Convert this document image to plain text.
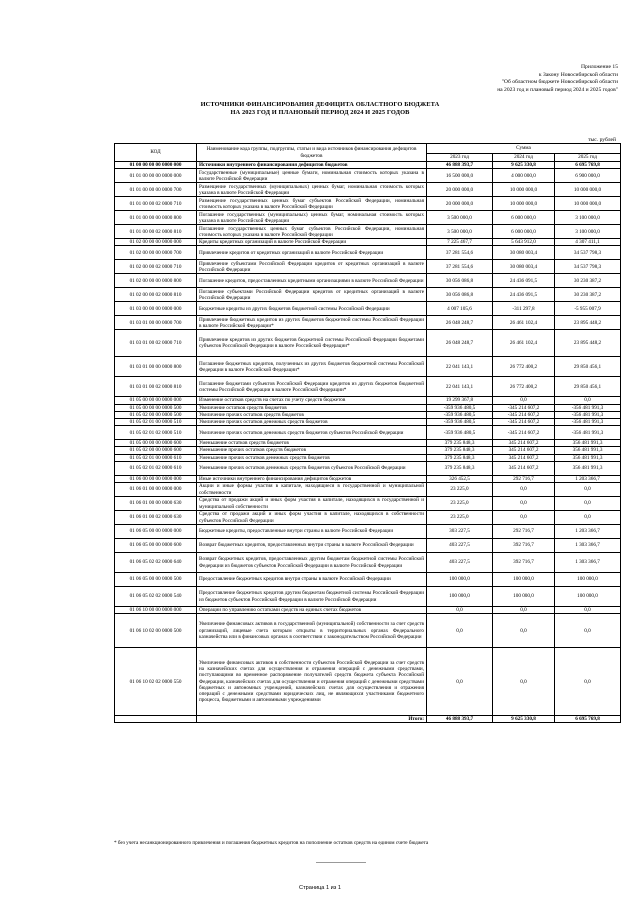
Приложение 15
к Закону Новосибирской области
"Об областном бюджете Новосибирской области
на 2023 год и плановый период 2024 и 2025 годов"
ИСТОЧНИКИ ФИНАНСИРОВАНИЯ ДЕФИЦИТА ОБЛАСТНОГО БЮДЖЕТА
НА 2023 ГОД И ПЛАНОВЫЙ ПЕРИОД 2024 И 2025 ГОДОВ
тыс. рублей
КОД	Наименование кода группы, подгруппы, статьи и вида источников финансирования дефицитов бюджетов	Сумма		
		2023 год	2024 год	2025 год
01 00 00 00 00 0000 000	Источники внутреннего финансирования дефицитов бюджетов	46 888 393,7	9 625 330,8	6 695 769,8
01 01 00 00 00 0000 000	Государственные (муниципальные) ценные бумаги, номинальная стоимость которых указана в валюте Российской Федерации	16 500 000,0	4 000 000,0	6 900 000,0
01 01 00 00 00 0000 700	Размещение государственных (муниципальных) ценных бумаг, номинальная стоимость которых указана в валюте Российской Федерации	20 000 000,0	10 000 000,0	10 000 000,0
01 01 00 00 02 0000 710	Размещение государственных ценных бумаг субъектов Российской Федерации, номинальная стоимость которых указана в валюте Российской Федерации	20 000 000,0	10 000 000,0	10 000 000,0
01 01 00 00 00 0000 800	Погашение государственных (муниципальных) ценных бумаг, номинальная стоимость которых указана в валюте Российской Федерации	3 500 000,0	6 000 000,0	3 100 000,0
01 01 00 00 02 0000 810	Погашение государственных ценных бумаг субъектов Российской Федерации, номинальная стоимость которых указана в валюте Российской Федерации	3 500 000,0	6 000 000,0	3 100 000,0
01 02 00 00 00 0000 000	Кредиты кредитных организаций в валюте Российской Федерации	7 225 467,7	5 643 912,0	4 307 411,1
01 02 00 00 00 0000 700	Привлечение кредитов от кредитных организаций в валюте Российской Федерации	37 281 554,6	30 080 003,4	34 537 798,3
01 02 00 00 02 0000 710	Привлечение субъектами Российской Федерации кредитов от кредитных организаций в валюте Российской Федерации	37 281 554,6	30 080 003,4	34 537 798,3
01 02 00 00 00 0000 800	Погашение кредитов, предоставленных кредитными организациями в валюте Российской Федерации	30 056 086,8	24 436 091,5	30 230 387,2
01 02 00 00 02 0000 810	Погашение субъектами Российской Федерации кредитов от кредитных организаций в валюте Российской Федерации	30 056 086,8	24 436 091,5	30 230 387,2
01 03 00 00 00 0000 000	Бюджетные кредиты из других бюджетов бюджетной системы Российской Федерации	4 007 105,6	-311 297,8	-5 955 007,9
01 03 01 00 00 0000 700	Привлечение бюджетных кредитов из других бюджетов бюджетной системы Российской Федерации в валюте Российской Федерации*	26 048 248,7	26 461 102,4	23 895 448,2
01 03 01 00 02 0000 710	Привлечение кредитов из других бюджетов бюджетной системы Российской Федерации бюджетами субъектов Российской Федерации в валюте Российской Федерации*	26 048 248,7	26 461 102,4	23 895 448,2
01 03 01 00 00 0000 800	Погашение бюджетных кредитов, полученных из других бюджетов бюджетной системы Российской Федерации в валюте Российской Федерации*	22 041 143,1	26 772 400,2	29 850 456,1
01 03 01 00 02 0000 810	Погашение бюджетами субъектов Российской Федерации кредитов из других бюджетов бюджетной системы Российской Федерации в валюте Российской Федерации*	22 041 143,1	26 772 400,2	29 850 456,1
01 05 00 00 00 0000 000	Изменение остатков средств на счетах по учету средств бюджетов	19 299 367,8	0,0	0,0
01 05 00 00 00 0000 500	Увеличение остатков средств бюджетов	-359 936 480,5	-345 214 607,2	-356 481 991,3
01 05 02 00 00 0000 500	Увеличение прочих остатков средств бюджетов	-359 936 480,5	-345 214 607,2	-356 481 991,3
01 05 02 01 00 0000 510	Увеличение прочих остатков денежных средств бюджетов	-359 936 480,5	-345 214 607,2	-356 481 991,3
01 05 02 01 02 0000 510	Увеличение прочих остатков денежных средств бюджетов субъектов Российской Федерации	-359 936 480,5	-345 214 607,2	-356 481 991,3
01 05 00 00 00 0000 600	Уменьшение остатков средств бюджетов	379 235 848,3	345 214 607,2	356 481 991,3
01 05 02 00 00 0000 600	Уменьшение прочих остатков средств бюджетов	379 235 848,3	345 214 607,2	356 481 991,3
01 05 02 01 00 0000 610	Уменьшение прочих остатков денежных средств бюджетов	379 235 848,3	345 214 607,2	356 481 991,3
01 05 02 01 02 0000 610	Уменьшение прочих остатков денежных средств бюджетов субъектов Российской Федерации	379 235 848,3	345 214 607,2	356 481 991,3
01 06 00 00 00 0000 000	Иные источники внутреннего финансирования дефицитов бюджетов	326 452,5	292 716,7	1 203 366,7
01 06 01 00 00 0000 000	Акции и иные формы участия в капитале, находящиеся в государственной и муниципальной собственности	23 225,0	0,0	0,0
01 06 01 00 00 0000 630	Средства от продажи акций и иных форм участия в капитале, находящихся в государственной и муниципальной собственности	23 225,0	0,0	0,0
01 06 01 00 02 0000 630	Средства от продажи акций и иных форм участия в капитале, находящихся в собственности субъектов Российской Федерации	23 225,0	0,0	0,0
01 06 05 00 00 0000 000	Бюджетные кредиты, предоставленные внутри страны в валюте Российской Федерации	303 227,5	292 716,7	1 203 366,7
01 06 05 00 00 0000 600	Возврат бюджетных кредитов, предоставленных внутри страны в валюте Российской Федерации	403 227,5	392 716,7	1 303 366,7
01 06 05 02 02 0000 640	Возврат бюджетных кредитов, предоставленных другим бюджетам бюджетной системы Российской Федерации из бюджетов субъектов Российской Федерации в валюте Российской Федерации	403 227,5	392 716,7	1 303 366,7
01 06 05 00 00 0000 500	Предоставление бюджетных кредитов внутри страны в валюте Российской Федерации	100 000,0	100 000,0	100 000,0
01 06 05 02 02 0000 540	Предоставление бюджетных кредитов другим бюджетам бюджетной системы Российской Федерации из бюджетов субъектов Российской Федерации в валюте Российской Федерации	100 000,0	100 000,0	100 000,0
01 06 10 00 00 0000 000	Операции по управлению остатками средств на единых счетах бюджетов	0,0	0,0	0,0
01 06 10 02 00 0000 500	Увеличение финансовых активов в государственной (муниципальной) собственности за счет средств организаций, лицевые счета которым открыты в территориальных органах Федерального казначейства или в финансовых органах в соответствии с законодательством Российской Федерации	0,0	0,0	0,0
01 06 10 02 02 0000 550	Увеличение финансовых активов в собственности субъектов Российской Федерации за счет средств на казначейских счетах для осуществления и отражения операций с денежными средствами, поступающими во временное распоряжение получателей средств бюджета субъекта Российской Федерации, казначейских счетах для осуществления и отражения операций с денежными средствами бюджетных и автономных учреждений, казначейских счетах для осуществления и отражения операций с денежными средствами юридических лиц, не являющихся участниками бюджетного процесса, бюджетными и автономными учреждениями	0,0	0,0	0,0
	Итого:	46 888 393,7	9 625 330,8	6 695 769,8
* без учета несанкционированного привлечения и погашения бюджетных кредитов на пополнение остатков средств на едином счете бюджета
Страница 1 из 1
